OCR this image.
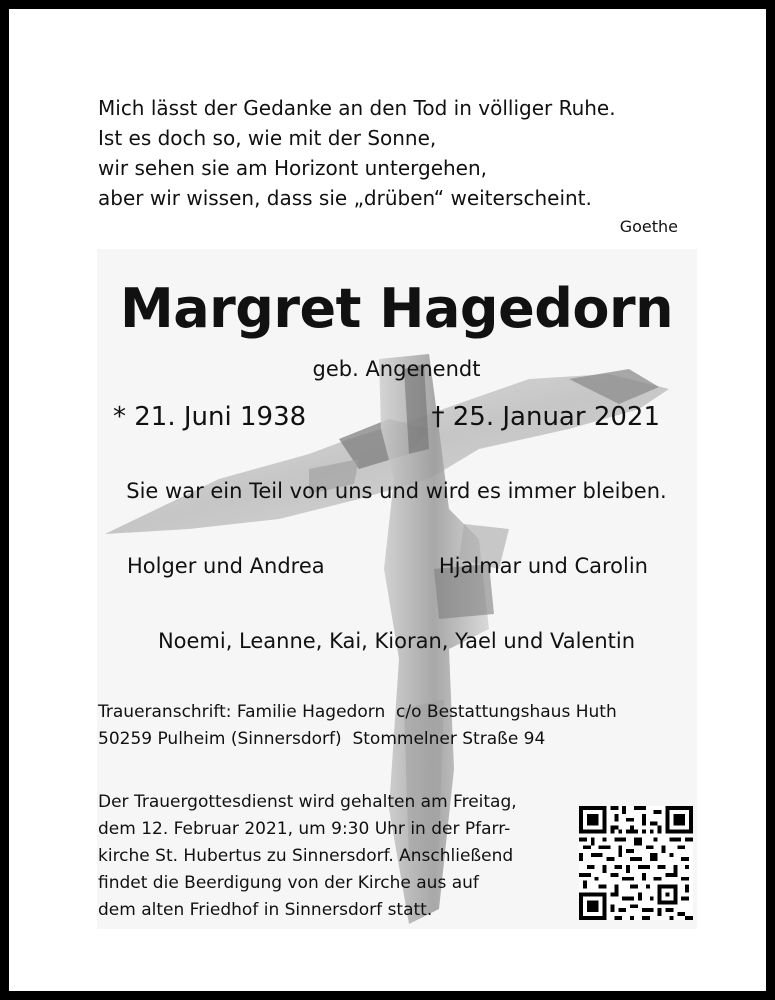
Mich lässt der Gedanke an den Tod in völliger Ruhe.
Ist es doch so, wie mit der Sonne,
wir sehen sie am Horizont untergehen,
aber wir wissen, dass sie „drüben“ weiterscheint.
Goethe
Margret Hagedorn
geb. Angenendt
* 21. Juni 1938	† 25. Januar 2021
Sie war ein Teil von uns und wird es immer bleiben.
Holger und Andrea	Hjalmar und Carolin
Noemi, Leanne, Kai, Kioran, Yael und Valentin
Traueranschrift: Familie Hagedorn  c/o Bestattungshaus Huth
50259 Pulheim (Sinnersdorf)  Stommelner Straße 94
Der Trauergottesdienst wird gehalten am Freitag,
dem 12. Februar 2021, um 9:30 Uhr in der Pfarr-
kirche St. Hubertus zu Sinnersdorf. Anschließend
findet die Beerdigung von der Kirche aus auf
dem alten Friedhof in Sinnersdorf statt.
